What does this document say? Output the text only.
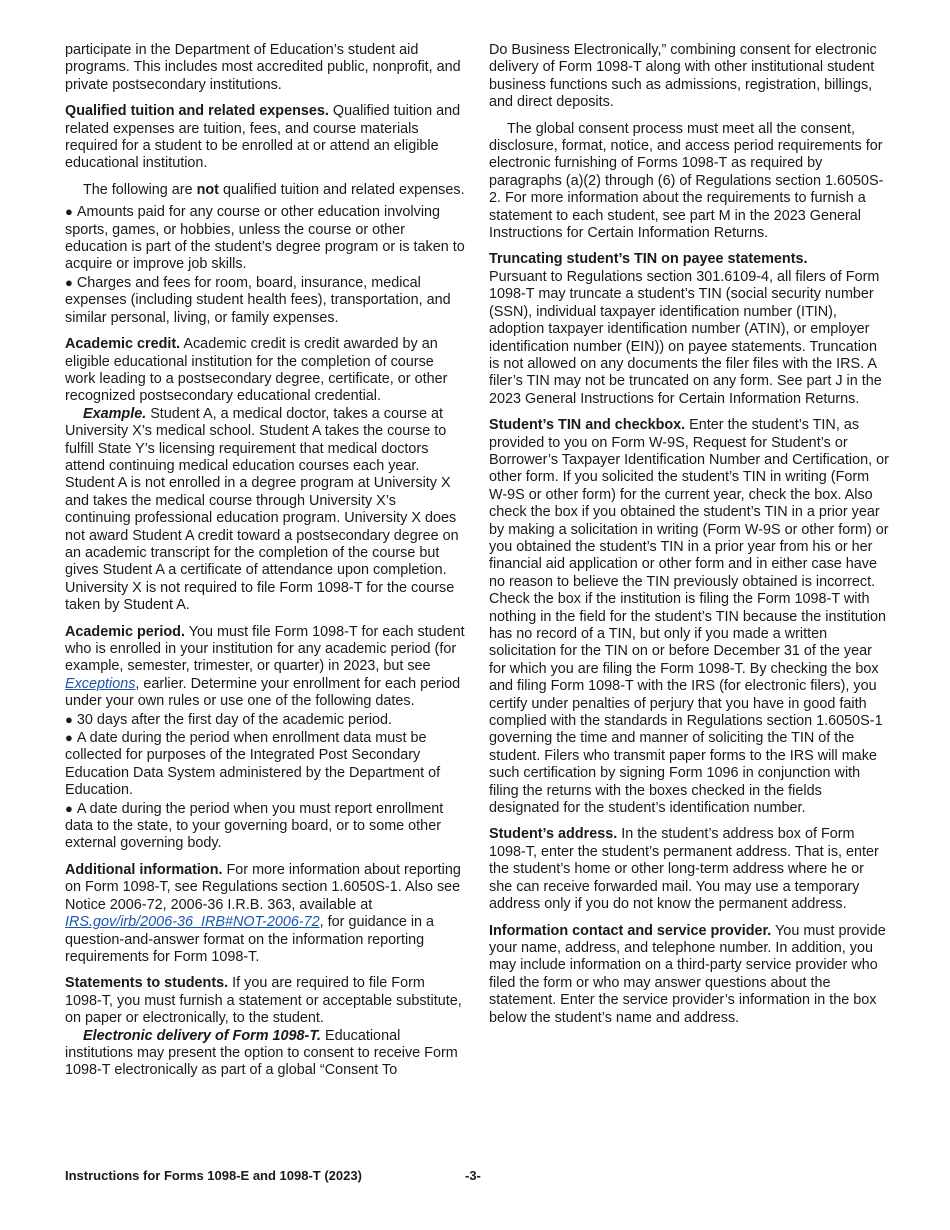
participate in the Department of Education’s student aid programs. This includes most accredited public, nonprofit, and private postsecondary institutions.

Qualified tuition and related expenses. Qualified tuition and related expenses are tuition, fees, and course materials required for a student to be enrolled at or attend an eligible educational institution.

The following are not qualified tuition and related expenses.

● Amounts paid for any course or other education involving sports, games, or hobbies, unless the course or other education is part of the student’s degree program or is taken to acquire or improve job skills.

● Charges and fees for room, board, insurance, medical expenses (including student health fees), transportation, and similar personal, living, or family expenses.

Academic credit. Academic credit is credit awarded by an eligible educational institution for the completion of course work leading to a postsecondary degree, certificate, or other recognized postsecondary educational credential.

Example. Student A, a medical doctor, takes a course at University X’s medical school. Student A takes the course to fulfill State Y’s licensing requirement that medical doctors attend continuing medical education courses each year. Student A is not enrolled in a degree program at University X and takes the medical course through University X’s continuing professional education program. University X does not award Student A credit toward a postsecondary degree on an academic transcript for the completion of the course but gives Student A a certificate of attendance upon completion. University X is not required to file Form 1098-T for the course taken by Student A.

Academic period. You must file Form 1098-T for each student who is enrolled in your institution for any academic period (for example, semester, trimester, or quarter) in 2023, but see Exceptions, earlier. Determine your enrollment for each period under your own rules or use one of the following dates.

● 30 days after the first day of the academic period.

● A date during the period when enrollment data must be collected for purposes of the Integrated Post Secondary Education Data System administered by the Department of Education.

● A date during the period when you must report enrollment data to the state, to your governing board, or to some other external governing body.

Additional information. For more information about reporting on Form 1098-T, see Regulations section 1.6050S-1. Also see Notice 2006-72, 2006-36 I.R.B. 363, available at IRS.gov/irb/2006-36_IRB#NOT-2006-72, for guidance in a question-and-answer format on the information reporting requirements for Form 1098-T.

Statements to students. If you are required to file Form 1098-T, you must furnish a statement or acceptable substitute, on paper or electronically, to the student.

Electronic delivery of Form 1098-T. Educational institutions may present the option to consent to receive Form 1098-T electronically as part of a global “Consent To

Do Business Electronically,” combining consent for electronic delivery of Form 1098-T along with other institutional student business functions such as admissions, registration, billings, and direct deposits.

The global consent process must meet all the consent, disclosure, format, notice, and access period requirements for electronic furnishing of Forms 1098-T as required by paragraphs (a)(2) through (6) of Regulations section 1.6050S-2. For more information about the requirements to furnish a statement to each student, see part M in the 2023 General Instructions for Certain Information Returns.

Truncating student’s TIN on payee statements.
Pursuant to Regulations section 301.6109-4, all filers of Form 1098-T may truncate a student’s TIN (social security number (SSN), individual taxpayer identification number (ITIN), adoption taxpayer identification number (ATIN), or employer identification number (EIN)) on payee statements. Truncation is not allowed on any documents the filer files with the IRS. A filer’s TIN may not be truncated on any form. See part J in the 2023 General Instructions for Certain Information Returns.

Student’s TIN and checkbox. Enter the student’s TIN, as provided to you on Form W-9S, Request for Student’s or Borrower’s Taxpayer Identification Number and Certification, or other form. If you solicited the student’s TIN in writing (Form W-9S or other form) for the current year, check the box. Also check the box if you obtained the student’s TIN in a prior year by making a solicitation in writing (Form W-9S or other form) or you obtained the student’s TIN in a prior year from his or her financial aid application or other form and in either case have no reason to believe the TIN previously obtained is incorrect. Check the box if the institution is filing the Form 1098-T with nothing in the field for the student’s TIN because the institution has no record of a TIN, but only if you made a written solicitation for the TIN on or before December 31 of the year for which you are filing the Form 1098-T. By checking the box and filing Form 1098-T with the IRS (for electronic filers), you certify under penalties of perjury that you have in good faith complied with the standards in Regulations section 1.6050S-1 governing the time and manner of soliciting the TIN of the student. Filers who transmit paper forms to the IRS will make such certification by signing Form 1096 in conjunction with filing the returns with the boxes checked in the fields designated for the student’s identification number.

Student’s address. In the student’s address box of Form 1098-T, enter the student’s permanent address. That is, enter the student’s home or other long-term address where he or she can receive forwarded mail. You may use a temporary address only if you do not know the permanent address.

Information contact and service provider. You must provide your name, address, and telephone number. In addition, you may include information on a third-party service provider who filed the form or who may answer questions about the statement. Enter the service provider’s information in the box below the student’s name and address.

Instructions for Forms 1098-E and 1098-T (2023)	-3-
